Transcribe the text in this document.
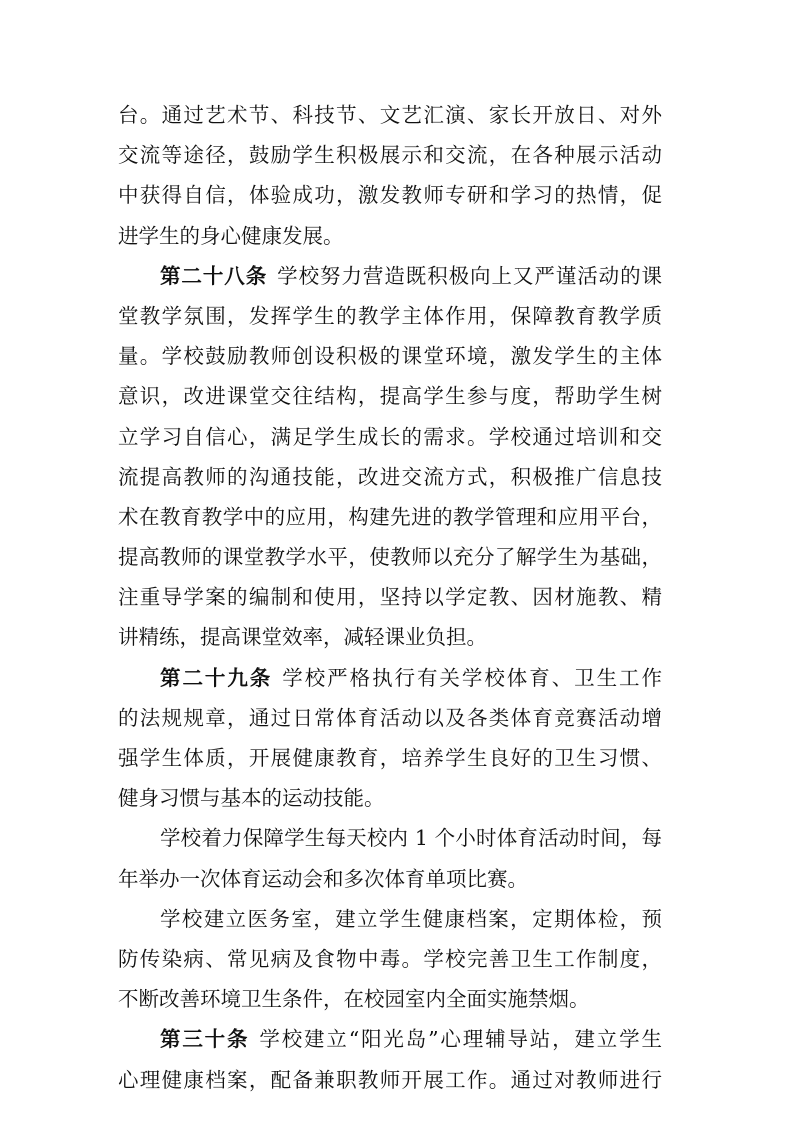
台。通过艺术节、科技节、文艺汇演、家长开放日、对外
交流等途径，鼓励学生积极展示和交流，在各种展示活动
中获得自信，体验成功，激发教师专研和学习的热情，促
进学生的身心健康发展。
第二十八条 学校努力营造既积极向上又严谨活动的课
堂教学氛围，发挥学生的教学主体作用，保障教育教学质
量。学校鼓励教师创设积极的课堂环境，激发学生的主体
意识，改进课堂交往结构，提高学生参与度，帮助学生树
立学习自信心，满足学生成长的需求。学校通过培训和交
流提高教师的沟通技能，改进交流方式，积极推广信息技
术在教育教学中的应用，构建先进的教学管理和应用平台，
提高教师的课堂教学水平，使教师以充分了解学生为基础，
注重导学案的编制和使用，坚持以学定教、因材施教、精
讲精练，提高课堂效率，减轻课业负担。
第二十九条 学校严格执行有关学校体育、卫生工作
的法规规章，通过日常体育活动以及各类体育竞赛活动增
强学生体质，开展健康教育，培养学生良好的卫生习惯、
健身习惯与基本的运动技能。
学校着力保障学生每天校内 1 个小时体育活动时间，每
年举办一次体育运动会和多次体育单项比赛。
学校建立医务室，建立学生健康档案，定期体检，预
防传染病、常见病及食物中毒。学校完善卫生工作制度，
不断改善环境卫生条件，在校园室内全面实施禁烟。
第三十条 学校建立“阳光岛”心理辅导站，建立学生
心理健康档案，配备兼职教师开展工作。通过对教师进行
